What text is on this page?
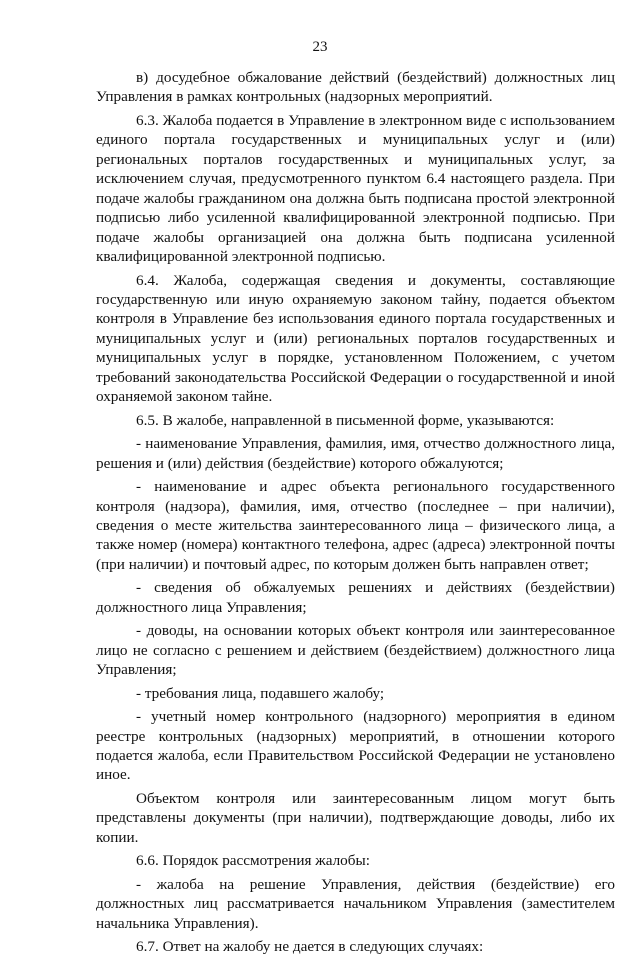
23

в) досудебное обжалование действий (бездействий) должностных лиц Управления в рамках контрольных (надзорных мероприятий.

6.3. Жалоба подается в Управление в электронном виде с использованием единого портала государственных и муниципальных услуг и (или) региональных порталов государственных и муниципальных услуг, за исключением случая, предусмотренного пунктом 6.4 настоящего раздела. При подаче жалобы гражданином она должна быть подписана простой электронной подписью либо усиленной квалифицированной электронной подписью. При подаче жалобы организацией она должна быть подписана усиленной квалифицированной электронной подписью.

6.4. Жалоба, содержащая сведения и документы, составляющие государственную или иную охраняемую законом тайну, подается объектом контроля в Управление без использования единого портала государственных и муниципальных услуг и (или) региональных порталов государственных и муниципальных услуг в порядке, установленном Положением, с учетом требований законодательства Российской Федерации о государственной и иной охраняемой законом тайне.

6.5. В жалобе, направленной в письменной форме, указываются:

- наименование Управления, фамилия, имя, отчество должностного лица, решения и (или) действия (бездействие) которого обжалуются;

- наименование и адрес объекта регионального государственного контроля (надзора), фамилия, имя, отчество (последнее – при наличии), сведения о месте жительства заинтересованного лица – физического лица, а также номер (номера) контактного телефона, адрес (адреса) электронной почты (при наличии) и почтовый адрес, по которым должен быть направлен ответ;

- сведения об обжалуемых решениях и действиях (бездействии) должностного лица Управления;

- доводы, на основании которых объект контроля или заинтересованное лицо не согласно с решением и действием (бездействием) должностного лица Управления;

- требования лица, подавшего жалобу;

- учетный номер контрольного (надзорного) мероприятия в едином реестре контрольных (надзорных) мероприятий, в отношении которого подается жалоба, если Правительством Российской Федерации не установлено иное.

Объектом контроля или заинтересованным лицом могут быть представлены документы (при наличии), подтверждающие доводы, либо их копии.

6.6. Порядок рассмотрения жалобы:

- жалоба на решение Управления, действия (бездействие) его должностных лиц рассматривается начальником Управления (заместителем начальника Управления).

6.7. Ответ на жалобу не дается в следующих случаях:
